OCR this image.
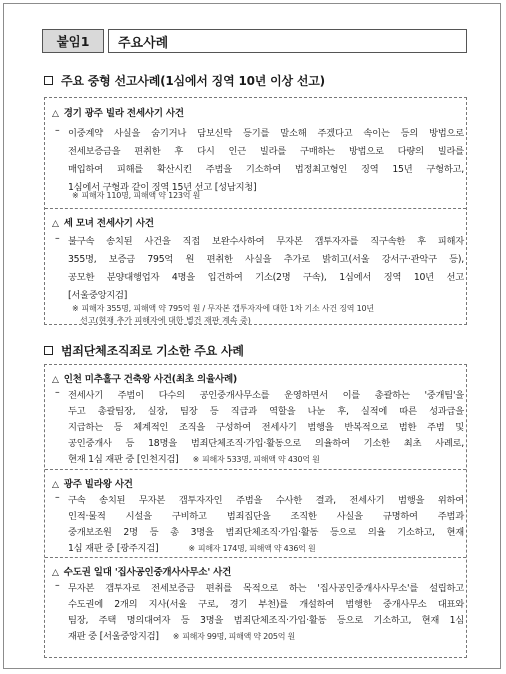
붙임1	주요사례
주요 중형 선고사례(1심에서 징역 10년 이상 선고)
△ 경기 광주 빌라 전세사기 사건
– 이중계약 사실을 숨기거나 담보신탁 등기를 말소해 주겠다고 속이는 등의 방법으로
전세보증금을 편취한 후 다시 인근 빌라를 구매하는 방법으로 다량의 빌라를
매입하여 피해를 확산시킨 주범을 기소하여 법정최고형인 징역 15년 구형하고,
1심에서 구형과 같이 징역 15년 선고 [성남지청]
※ 피해자 110명, 피해액 약 123억 원
△ 세 모녀 전세사기 사건
– 불구속 송치된 사건을 직접 보완수사하여 무자본 갭투자자를 직구속한 후 피해자
355명, 보증금 795억 원 편취한 사실을 추가로 밝히고(서울 강서구·관악구 등),
공모한 분양대행업자 4명을 입건하여 기소(2명 구속), 1심에서 징역 10년 선고
[서울중앙지검]
※ 피해자 355명, 피해액 약 795억 원 / 무자본 갭투자자에 대한 1차 기소 사건 징역 10년
선고(현재 추가 피해자에 대한 별건 재판 계속 중)
범죄단체조직죄로 기소한 주요 사례
△ 인천 미추홀구 건축왕 사건(최초 의율사례)
– 전세사기 주범이 다수의 공인중개사무소를 운영하면서 이를 총괄하는 '중개팀'을
두고 총괄팀장, 실장, 팀장 등 직급과 역할을 나눈 후, 실적에 따른 성과급을
지급하는 등 체계적인 조직을 구성하여 전세사기 범행을 반복적으로 범한 주범 및
공인중개사 등 18명을 범죄단체조직·가입·활동으로 의율하여 기소한 최초 사례로,
현재 1심 재판 중 [인천지검] ※ 피해자 533명, 피해액 약 430억 원
△ 광주 빌라왕 사건
– 구속 송치된 무자본 갭투자자인 주범을 수사한 결과, 전세사기 범행을 위하여
인적·물적 시설을 구비하고 범죄집단을 조직한 사실을 규명하여 주범과
중개보조원 2명 등 총 3명을 범죄단체조직·가입·활동 등으로 의율 기소하고, 현재
1심 재판 중 [광주지검]	※ 피해자 174명, 피해액 약 436억 원
△ 수도권 일대 '집사공인중개사사무소' 사건
– 무자본 갭투자로 전세보증금 편취를 목적으로 하는 '집사공인중개사사무소'를 설립하고
수도권에 2개의 지사(서울 구로, 경기 부천)를 개설하여 범행한 중개사무소 대표와
팀장, 주택 명의대여자 등 3명을 범죄단체조직·가입·활동 등으로 기소하고, 현재 1심
재판 중 [서울중앙지검] ※ 피해자 99명, 피해액 약 205억 원
